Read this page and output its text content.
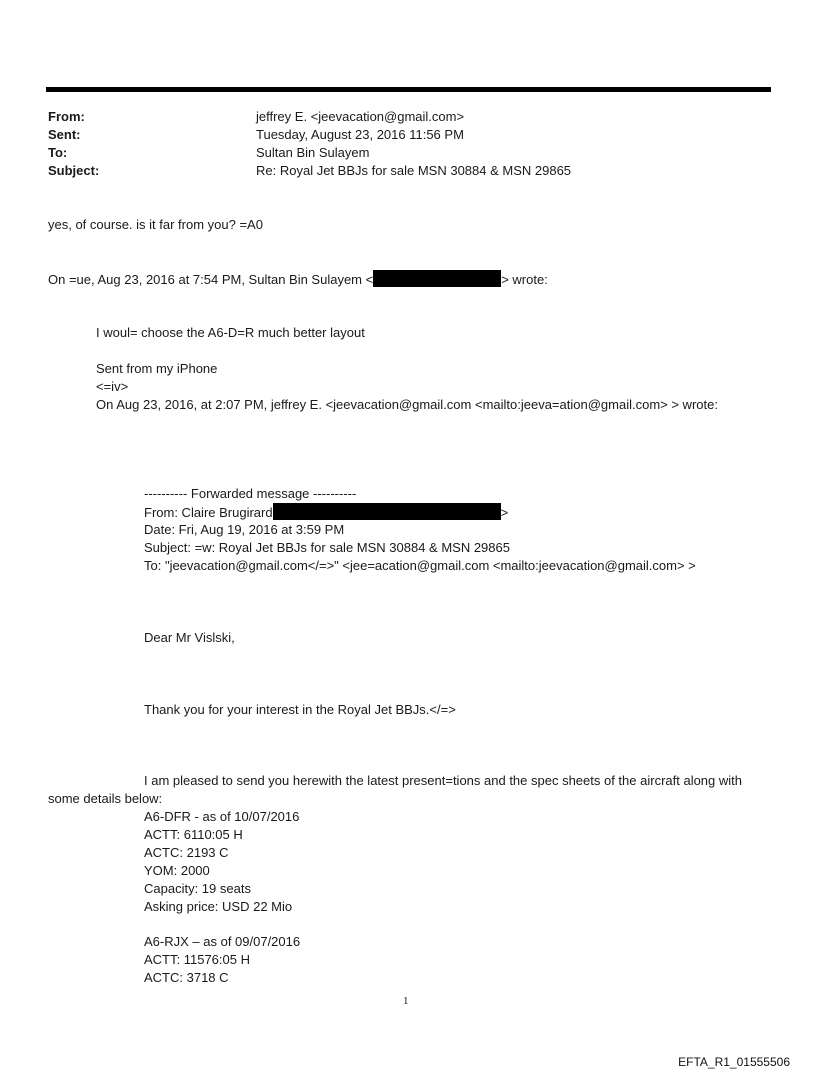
From:	jeffrey E. <jeevacation@gmail.com>
Sent:	Tuesday, August 23, 2016 11:56 PM
To:	Sultan Bin Sulayem
Subject:	Re: Royal Jet BBJs for sale MSN 30884 & MSN 29865
yes, of course. is it far from you? =A0
On =ue, Aug 23, 2016 at 7:54 PM, Sultan Bin Sulayem <	> wrote:
I woul= choose the A6-D=R much better layout
Sent from my iPhone
<=iv>
On Aug 23, 2016, at 2:07 PM, jeffrey E. <jeevacation@gmail.com <mailto:jeeva=ation@gmail.com> > wrote:
---------- Forwarded message ----------
From: Claire Brugirard	>
Date: Fri, Aug 19, 2016 at 3:59 PM
Subject: =w: Royal Jet BBJs for sale MSN 30884 & MSN 29865
To: "jeevacation@gmail.com</=>" <jee=acation@gmail.com <mailto:jeevacation@gmail.com> >
Dear Mr Vislski,
Thank you for your interest in the Royal Jet BBJs.</=>
I am pleased to send you herewith the latest present=tions and the spec sheets of the aircraft along with
some details below:
A6-DFR - as of 10/07/2016
ACTT: 6110:05 H
ACTC: 2193 C
YOM: 2000
Capacity: 19 seats
Asking price: USD 22 Mio
A6-RJX – as of 09/07/2016
ACTT: 11576:05 H
ACTC: 3718 C
1
EFTA_R1_01555506
